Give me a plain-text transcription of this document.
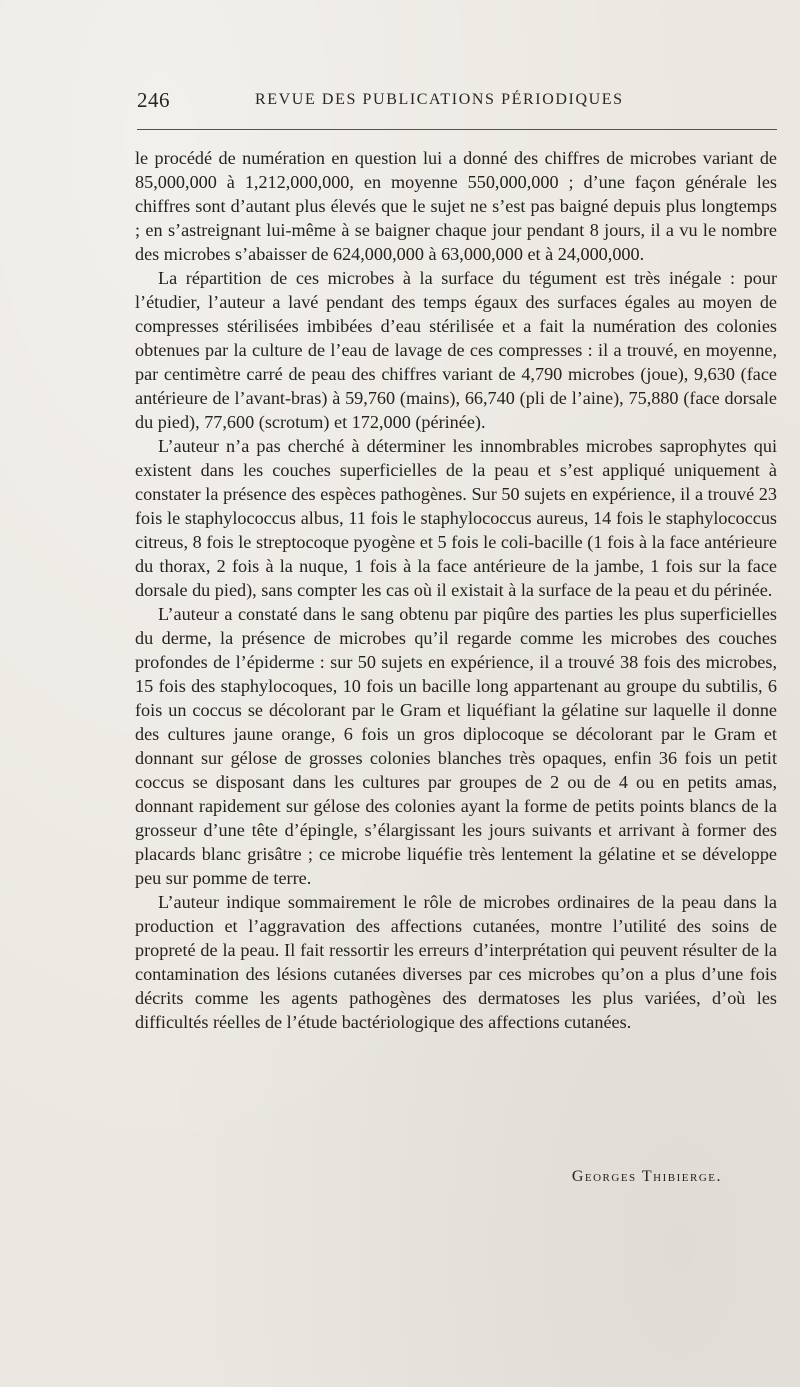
246	REVUE DES PUBLICATIONS PÉRIODIQUES

le procédé de numération en question lui a donné des chiffres de microbes variant de 85,000,000 à 1,212,000,000, en moyenne 550,000,000 ; d’une façon générale les chiffres sont d’autant plus élevés que le sujet ne s’est pas baigné depuis plus longtemps ; en s’astreignant lui-même à se baigner chaque jour pendant 8 jours, il a vu le nombre des microbes s’abaisser de 624,000,000 à 63,000,000 et à 24,000,000.

La répartition de ces microbes à la surface du tégument est très inégale : pour l’étudier, l’auteur a lavé pendant des temps égaux des surfaces égales au moyen de compresses stérilisées imbibées d’eau stérilisée et a fait la numération des colonies obtenues par la culture de l’eau de lavage de ces compresses : il a trouvé, en moyenne, par centimètre carré de peau des chiffres variant de 4,790 microbes (joue), 9,630 (face antérieure de l’avant-bras) à 59,760 (mains), 66,740 (pli de l’aine), 75,880 (face dorsale du pied), 77,600 (scrotum) et 172,000 (périnée).

L’auteur n’a pas cherché à déterminer les innombrables microbes saprophytes qui existent dans les couches superficielles de la peau et s’est appliqué uniquement à constater la présence des espèces pathogènes. Sur 50 sujets en expérience, il a trouvé 23 fois le staphylococcus albus, 11 fois le staphylococcus aureus, 14 fois le staphylococcus citreus, 8 fois le streptocoque pyogène et 5 fois le coli-bacille (1 fois à la face antérieure du thorax, 2 fois à la nuque, 1 fois à la face antérieure de la jambe, 1 fois sur la face dorsale du pied), sans compter les cas où il existait à la surface de la peau et du périnée.

L’auteur a constaté dans le sang obtenu par piqûre des parties les plus superficielles du derme, la présence de microbes qu’il regarde comme les microbes des couches profondes de l’épiderme : sur 50 sujets en expérience, il a trouvé 38 fois des microbes, 15 fois des staphylocoques, 10 fois un bacille long appartenant au groupe du subtilis, 6 fois un coccus se décolorant par le Gram et liquéfiant la gélatine sur laquelle il donne des cultures jaune orange, 6 fois un gros diplocoque se décolorant par le Gram et donnant sur gélose de grosses colonies blanches très opaques, enfin 36 fois un petit coccus se disposant dans les cultures par groupes de 2 ou de 4 ou en petits amas, donnant rapidement sur gélose des colonies ayant la forme de petits points blancs de la grosseur d’une tête d’épingle, s’élargissant les jours suivants et arrivant à former des placards blanc grisâtre ; ce microbe liquéfie très lentement la gélatine et se développe peu sur pomme de terre.

L’auteur indique sommairement le rôle de microbes ordinaires de la peau dans la production et l’aggravation des affections cutanées, montre l’utilité des soins de propreté de la peau. Il fait ressortir les erreurs d’interprétation qui peuvent résulter de la contamination des lésions cutanées diverses par ces microbes qu’on a plus d’une fois décrits comme les agents pathogènes des dermatoses les plus variées, d’où les difficultés réelles de l’étude bactériologique des affections cutanées.

Georges Thibierge.
